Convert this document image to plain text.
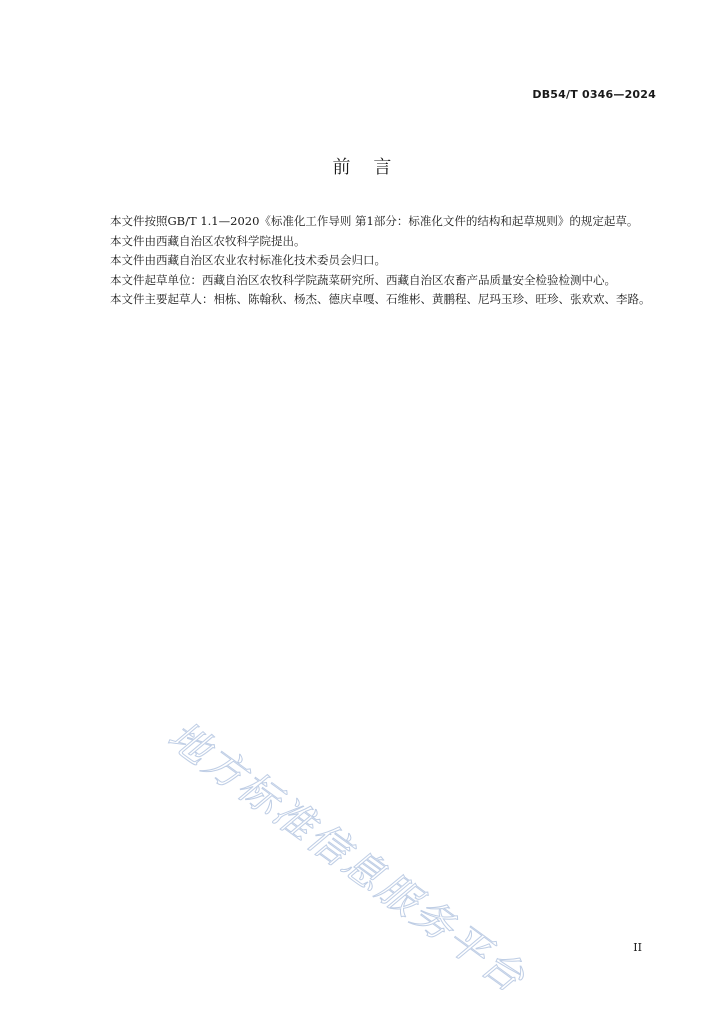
DB54/T 0346—2024
前    言

本文件按照GB/T 1.1—2020《标准化工作导则 第1部分：标准化文件的结构和起草规则》的规定起草。

本文件由西藏自治区农牧科学院提出。

本文件由西藏自治区农业农村标准化技术委员会归口。

本文件起草单位：西藏自治区农牧科学院蔬菜研究所、西藏自治区农畜产品质量安全检验检测中心。

本文件主要起草人：相栋、陈翰秋、杨杰、德庆卓嘎、石维彬、黄鹏程、尼玛玉珍、旺珍、张欢欢、李路。

地方标准信息服务平台	II
